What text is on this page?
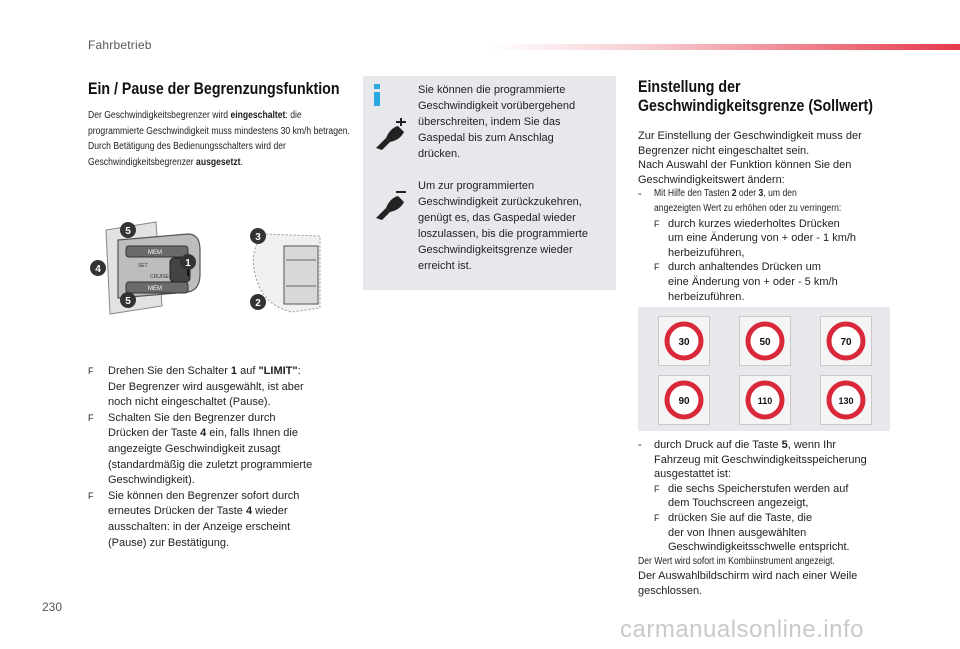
Fahrbetrieb
Ein / Pause der Begrenzungsfunktion
Der Geschwindigkeitsbegrenzer wird eingeschaltet: die
programmierte Geschwindigkeit muss mindestens 30 km/h betragen.
Durch Betätigung des Bedienungsschalters wird der
Geschwindigkeitsbegrenzer ausgesetzt.
MEM
SET
CRUISE
MEM
5
4
5
1
3
2
F Drehen Sie den Schalter 1 auf "LIMIT":
Der Begrenzer wird ausgewählt, ist aber
noch nicht eingeschaltet (Pause).
F Schalten Sie den Begrenzer durch
Drücken der Taste 4 ein, falls Ihnen die
angezeigte Geschwindigkeit zusagt
(standardmäßig die zuletzt programmierte
Geschwindigkeit).
F Sie können den Begrenzer sofort durch
erneutes Drücken der Taste 4 wieder
ausschalten: in der Anzeige erscheint
(Pause) zur Bestätigung.
Sie können die programmierte
Geschwindigkeit vorübergehend
überschreiten, indem Sie das
Gaspedal bis zum Anschlag
drücken.
Um zur programmierten
Geschwindigkeit zurückzukehren,
genügt es, das Gaspedal wieder
loszulassen, bis die programmierte
Geschwindigkeitsgrenze wieder
erreicht ist.
Einstellung der
Geschwindigkeitsgrenze (Sollwert)
Zur Einstellung der Geschwindigkeit muss der
Begrenzer nicht eingeschaltet sein.
Nach Auswahl der Funktion können Sie den
Geschwindigkeitswert ändern:
- Mit Hilfe den Tasten 2 oder 3, um den
angezeigten Wert zu erhöhen oder zu verringern:
F durch kurzes wiederholtes Drücken
um eine Änderung von + oder - 1 km/h
herbeizuführen,
F durch anhaltendes Drücken um
eine Änderung von + oder - 5 km/h
herbeizuführen.
30	50	70
90	110	130
- durch Druck auf die Taste 5, wenn Ihr
Fahrzeug mit Geschwindigkeitsspeicherung
ausgestattet ist:
F die sechs Speicherstufen werden auf
dem Touchscreen angezeigt,
F drücken Sie auf die Taste, die
der von Ihnen ausgewählten
Geschwindigkeitsschwelle entspricht.
Der Wert wird sofort im Kombiinstrument angezeigt.
Der Auswahlbildschirm wird nach einer Weile
geschlossen.
230
carmanualsonline.info
